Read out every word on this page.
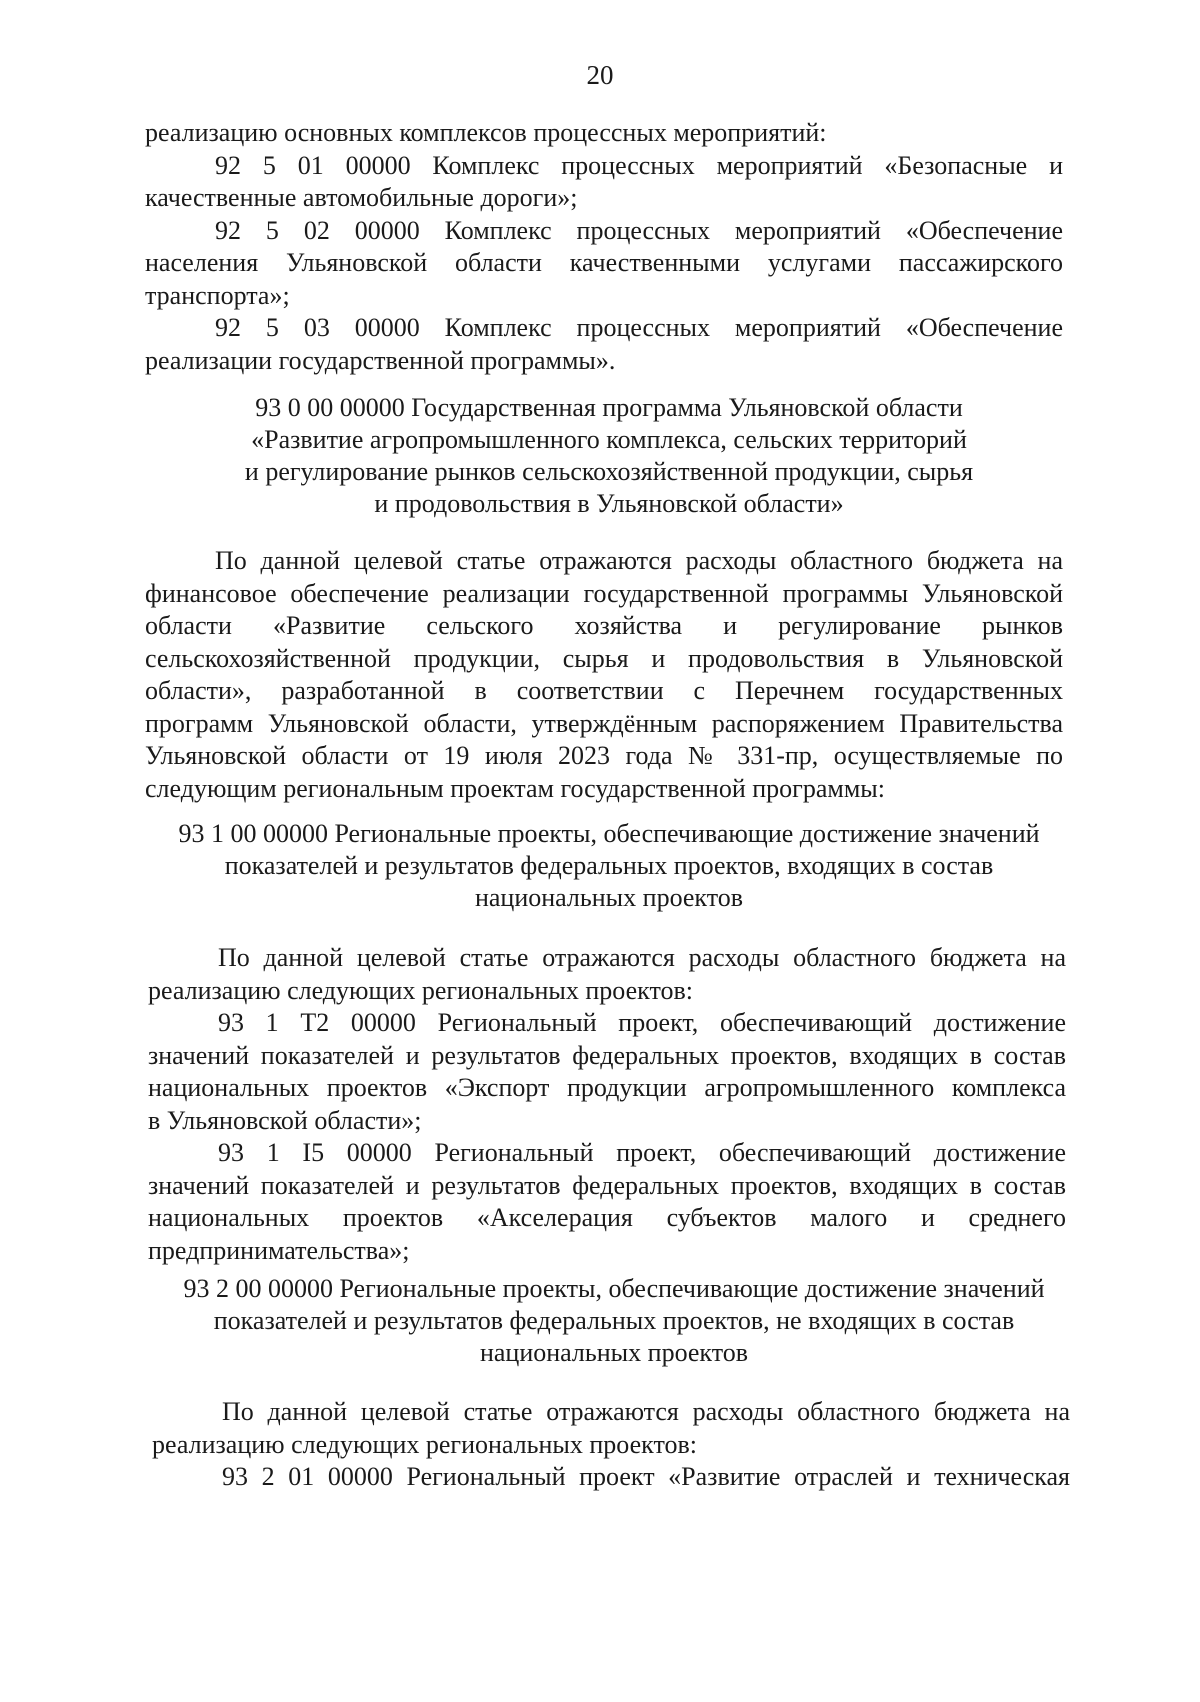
20
реализацию основных комплексов процессных мероприятий:
92 5 01 00000 Комплекс процессных мероприятий «Безопасные и
качественные автомобильные дороги»;
92 5 02 00000 Комплекс процессных мероприятий «Обеспечение
населения Ульяновской области качественными услугами пассажирского
транспорта»;
92 5 03 00000 Комплекс процессных мероприятий «Обеспечение
реализации государственной программы».
93 0 00 00000 Государственная программа Ульяновской области
«Развитие агропромышленного комплекса, сельских территорий
и регулирование рынков сельскохозяйственной продукции, сырья
и продовольствия в Ульяновской области»
По данной целевой статье отражаются расходы областного бюджета на
финансовое обеспечение реализации государственной программы Ульяновской
области «Развитие сельского хозяйства и регулирование рынков
сельскохозяйственной продукции, сырья и продовольствия в Ульяновской
области», разработанной в соответствии с Перечнем государственных
программ Ульяновской области, утверждённым распоряжением Правительства
Ульяновской области от 19 июля 2023 года № 331-пр, осуществляемые по
следующим региональным проектам государственной программы:
93 1 00 00000 Региональные проекты, обеспечивающие достижение значений
показателей и результатов федеральных проектов, входящих в состав
национальных проектов
По данной целевой статье отражаются расходы областного бюджета на
реализацию следующих региональных проектов:
93 1 Т2 00000 Региональный проект, обеспечивающий достижение
значений показателей и результатов федеральных проектов, входящих в состав
национальных проектов «Экспорт продукции агропромышленного комплекса
в Ульяновской области»;
93 1 I5 00000 Региональный проект, обеспечивающий достижение
значений показателей и результатов федеральных проектов, входящих в состав
национальных проектов «Акселерация субъектов малого и среднего
предпринимательства»;
93 2 00 00000 Региональные проекты, обеспечивающие достижение значений
показателей и результатов федеральных проектов, не входящих в состав
национальных проектов
По данной целевой статье отражаются расходы областного бюджета на
реализацию следующих региональных проектов:
93 2 01 00000 Региональный проект «Развитие отраслей и техническая
